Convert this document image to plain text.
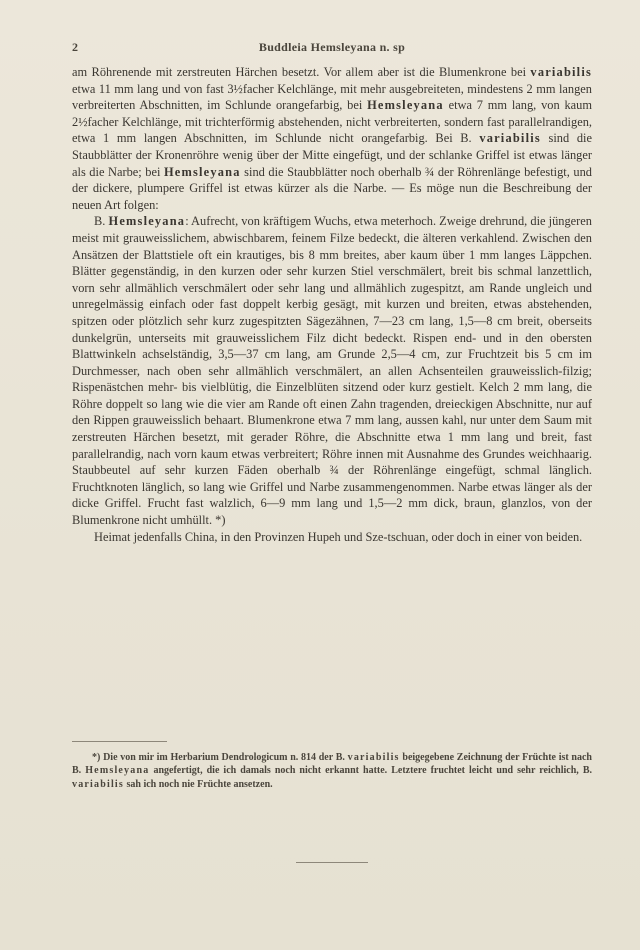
2	Buddleia Hemsleyana n. sp

am Röhrenende mit zerstreuten Härchen besetzt. Vor allem aber ist die Blumenkrone bei variabilis etwa 11 mm lang und von fast 3½facher Kelchlänge, mit mehr ausgebreiteten, mindestens 2 mm langen verbreiterten Abschnitten, im Schlunde orangefarbig, bei Hemsleyana etwa 7 mm lang, von kaum 2½facher Kelchlänge, mit trichterförmig abstehenden, nicht verbreiterten, sondern fast parallelrandigen, etwa 1 mm langen Abschnitten, im Schlunde nicht orangefarbig. Bei B. variabilis sind die Staubblätter der Kronenröhre wenig über der Mitte eingefügt, und der schlanke Griffel ist etwas länger als die Narbe; bei Hemsleyana sind die Staubblätter noch oberhalb ¾ der Röhrenlänge befestigt, und der dickere, plumpere Griffel ist etwas kürzer als die Narbe. — Es möge nun die Beschreibung der neuen Art folgen:

B. Hemsleyana: Aufrecht, von kräftigem Wuchs, etwa meterhoch. Zweige drehrund, die jüngeren meist mit grauweisslichem, abwischbarem, feinem Filze bedeckt, die älteren verkahlend. Zwischen den Ansätzen der Blattstiele oft ein krautiges, bis 8 mm breites, aber kaum über 1 mm langes Läppchen. Blätter gegenständig, in den kurzen oder sehr kurzen Stiel verschmälert, breit bis schmal lanzettlich, vorn sehr allmählich verschmälert oder sehr lang und allmählich zugespitzt, am Rande ungleich und unregelmässig einfach oder fast doppelt kerbig gesägt, mit kurzen und breiten, etwas abstehenden, spitzen oder plötzlich sehr kurz zugespitzten Sägezähnen, 7—23 cm lang, 1,5—8 cm breit, oberseits dunkelgrün, unterseits mit grauweisslichem Filz dicht bedeckt. Rispen end- und in den obersten Blattwinkeln achselständig, 3,5—37 cm lang, am Grunde 2,5—4 cm, zur Fruchtzeit bis 5 cm im Durchmesser, nach oben sehr allmählich verschmälert, an allen Achsenteilen grauweisslich-filzig; Rispenästchen mehr- bis vielblütig, die Einzelblüten sitzend oder kurz gestielt. Kelch 2 mm lang, die Röhre doppelt so lang wie die vier am Rande oft einen Zahn tragenden, dreieckigen Abschnitte, nur auf den Rippen grauweisslich behaart. Blumenkrone etwa 7 mm lang, aussen kahl, nur unter dem Saum mit zerstreuten Härchen besetzt, mit gerader Röhre, die Abschnitte etwa 1 mm lang und breit, fast parallelrandig, nach vorn kaum etwas verbreitert; Röhre innen mit Ausnahme des Grundes weichhaarig. Staubbeutel auf sehr kurzen Fäden oberhalb ¾ der Röhrenlänge eingefügt, schmal länglich. Fruchtknoten länglich, so lang wie Griffel und Narbe zusammengenommen. Narbe etwas länger als der dicke Griffel. Frucht fast walzlich, 6—9 mm lang und 1,5—2 mm dick, braun, glanzlos, von der Blumenkrone nicht umhüllt. *)

Heimat jedenfalls China, in den Provinzen Hupeh und Sze-tschuan, oder doch in einer von beiden.

*) Die von mir im Herbarium Dendrologicum n. 814 der B. variabilis beigegebene Zeichnung der Früchte ist nach B. Hemsleyana angefertigt, die ich damals noch nicht erkannt hatte. Letztere fruchtet leicht und sehr reichlich, B. variabilis sah ich noch nie Früchte ansetzen.
